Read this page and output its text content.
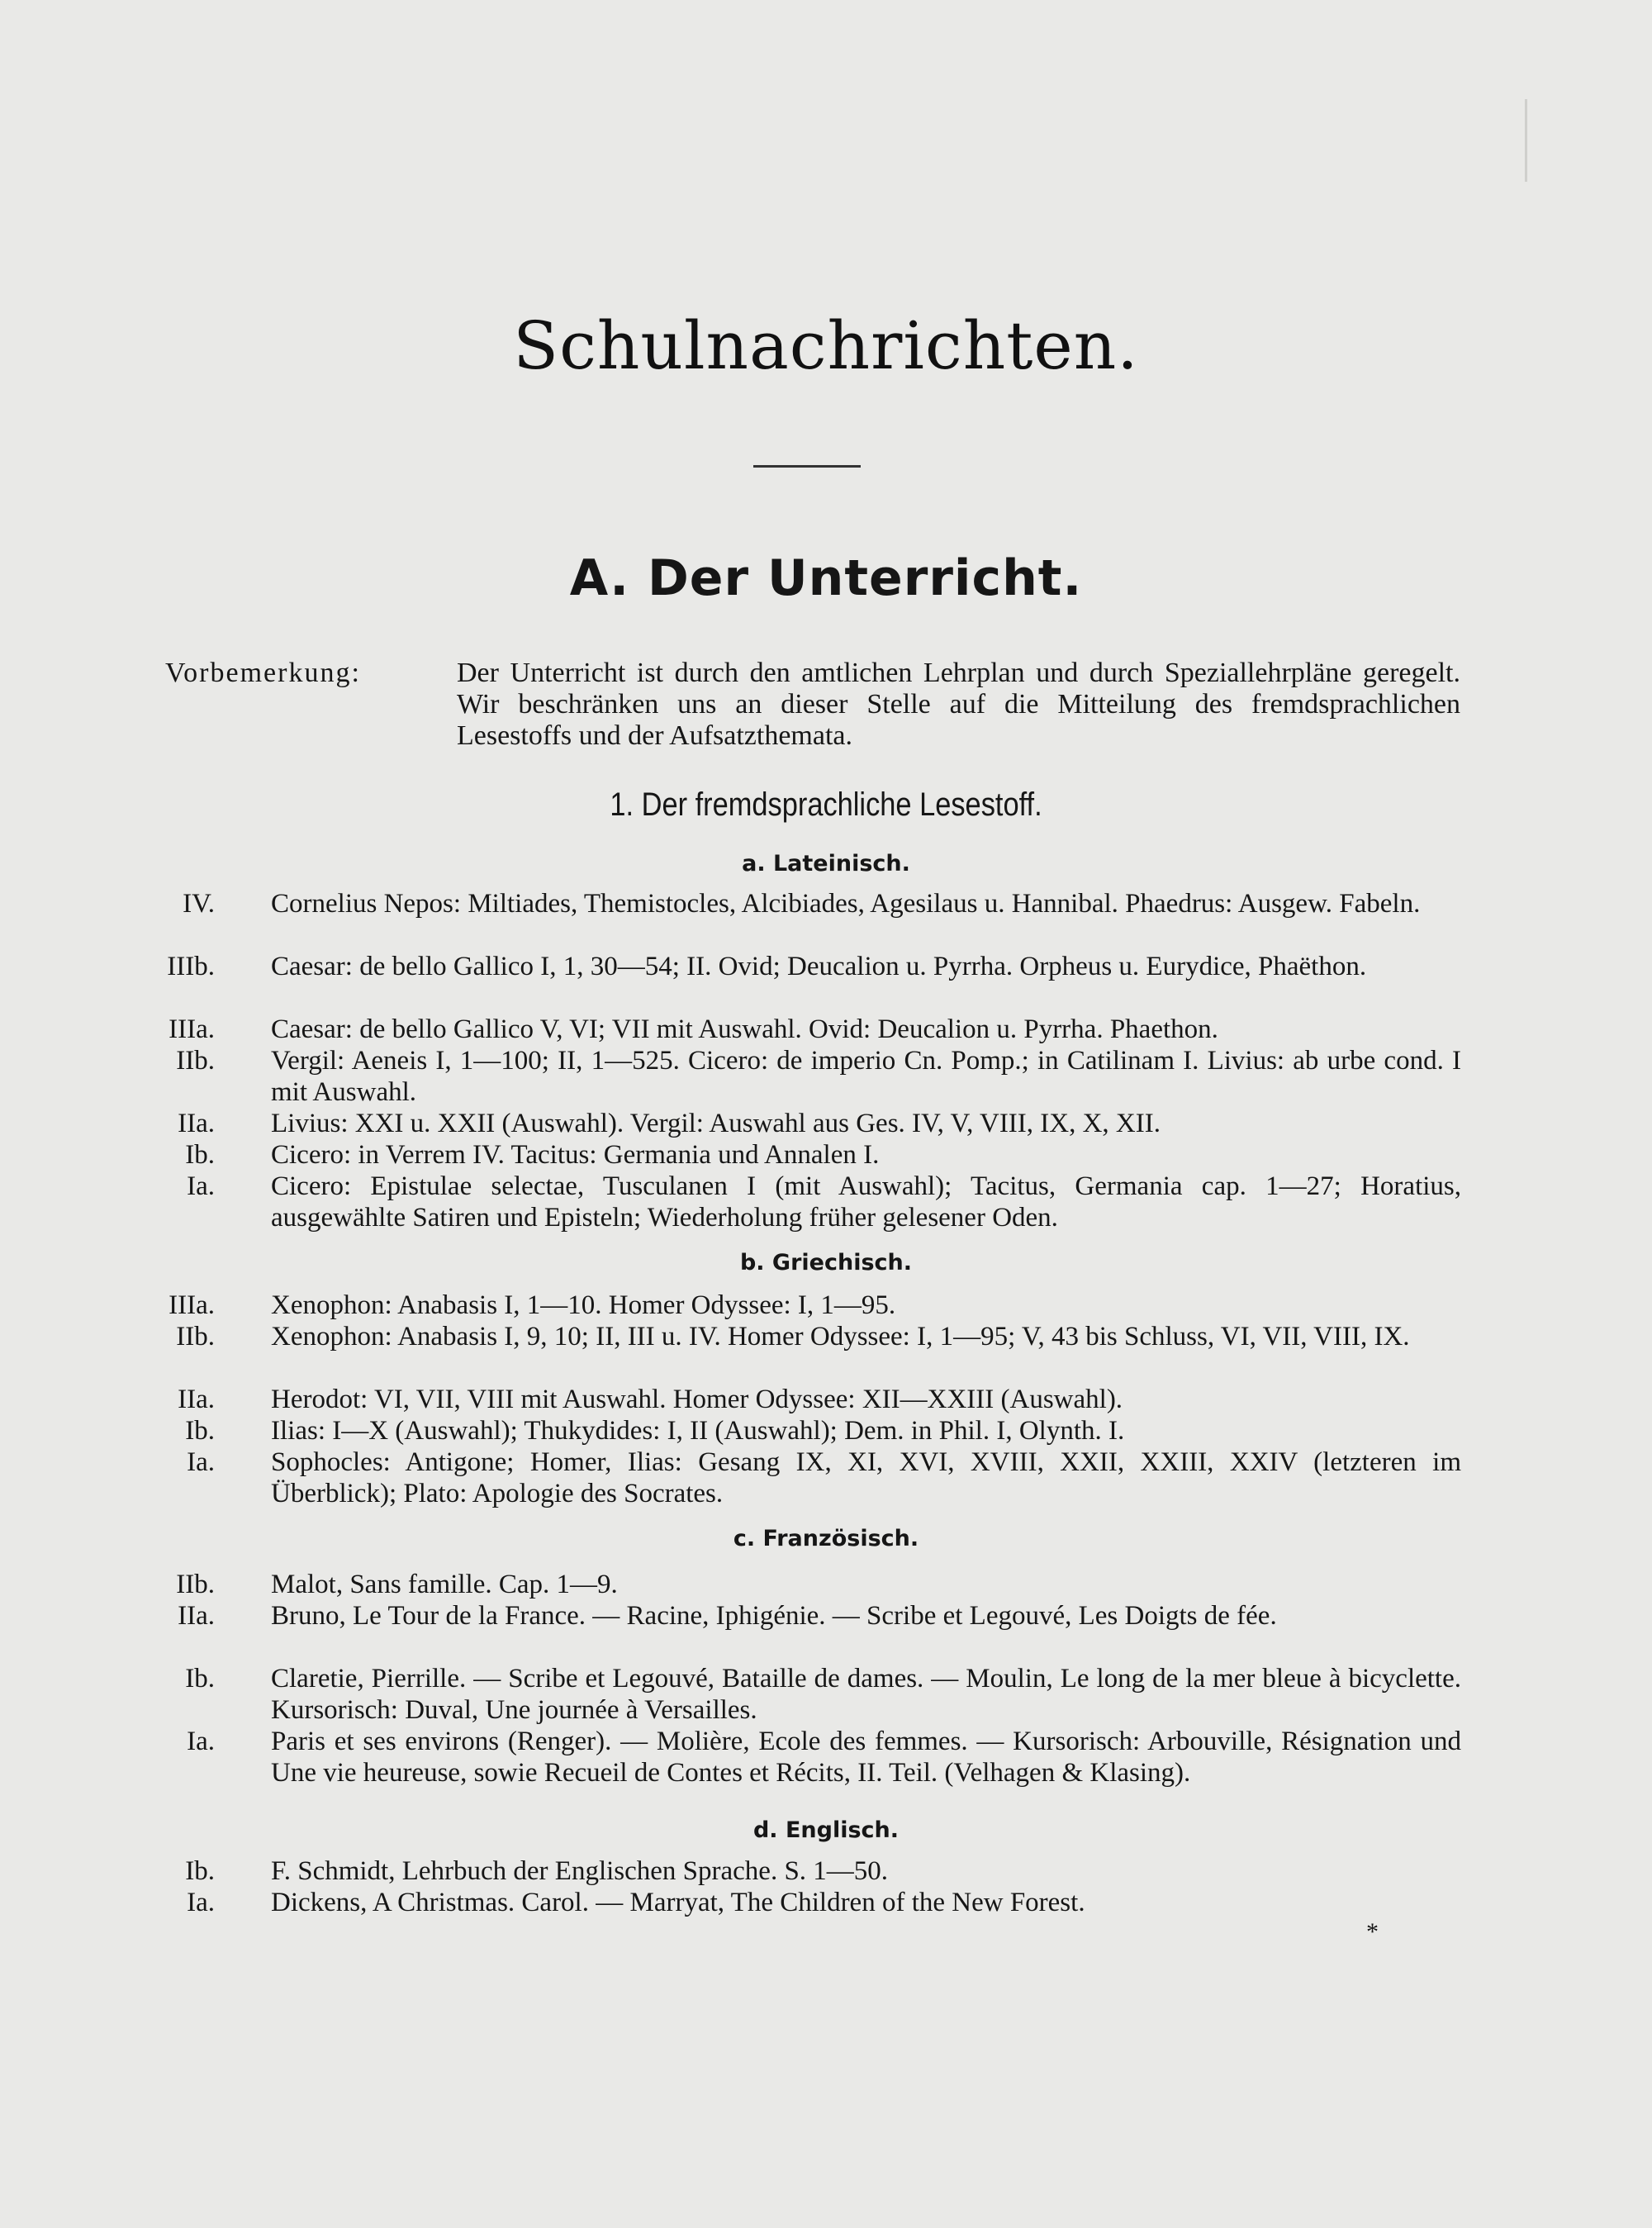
Schulnachrichten.
A. Der Unterricht.
Vorbemerkung:	Der Unterricht ist durch den amtlichen Lehrplan und durch Speziallehrpläne geregelt. Wir beschränken uns an dieser Stelle auf die Mitteilung des fremdsprachlichen Lesestoffs und der Aufsatzthemata.
1. Der fremdsprachliche Lesestoff.
a. Lateinisch.
IV. Cornelius Nepos: Miltiades, Themistocles, Alcibiades, Agesilaus u. Hannibal. Phaedrus: Ausgew. Fabeln.
IIIb. Caesar: de bello Gallico I, 1, 30—54; II. Ovid; Deucalion u. Pyrrha. Orpheus u. Eurydice, Phaëthon.
IIIa. Caesar: de bello Gallico V, VI; VII mit Auswahl. Ovid: Deucalion u. Pyrrha. Phaethon.
IIb. Vergil: Aeneis I, 1—100; II, 1—525. Cicero: de imperio Cn. Pomp.; in Catilinam I. Livius: ab urbe cond. I mit Auswahl.
IIa. Livius: XXI u. XXII (Auswahl). Vergil: Auswahl aus Ges. IV, V, VIII, IX, X, XII.
Ib. Cicero: in Verrem IV. Tacitus: Germania und Annalen I.
Ia. Cicero: Epistulae selectae, Tusculanen I (mit Auswahl); Tacitus, Germania cap. 1—27; Horatius, ausgewählte Satiren und Episteln; Wiederholung früher gelesener Oden.
b. Griechisch.
IIIa. Xenophon: Anabasis I, 1—10. Homer Odyssee: I, 1—95.
IIb. Xenophon: Anabasis I, 9, 10; II, III u. IV. Homer Odyssee: I, 1—95; V, 43 bis Schluss, VI, VII, VIII, IX.
IIa. Herodot: VI, VII, VIII mit Auswahl. Homer Odyssee: XII—XXIII (Auswahl).
Ib. Ilias: I—X (Auswahl); Thukydides: I, II (Auswahl); Dem. in Phil. I, Olynth. I.
Ia. Sophocles: Antigone; Homer, Ilias: Gesang IX, XI, XVI, XVIII, XXII, XXIII, XXIV (letzteren im Überblick); Plato: Apologie des Socrates.
c. Französisch.
IIb. Malot, Sans famille. Cap. 1—9.
IIa. Bruno, Le Tour de la France. — Racine, Iphigénie. — Scribe et Legouvé, Les Doigts de fée.
Ib. Claretie, Pierrille. — Scribe et Legouvé, Bataille de dames. — Moulin, Le long de la mer bleue à bicyclette. Kursorisch: Duval, Une journée à Versailles.
Ia. Paris et ses environs (Renger). — Molière, Ecole des femmes. — Kursorisch: Arbouville, Résignation und Une vie heureuse, sowie Recueil de Contes et Récits, II. Teil. (Velhagen & Klasing).
d. Englisch.
Ib. F. Schmidt, Lehrbuch der Englischen Sprache. S. 1—50.
Ia. Dickens, A Christmas. Carol. — Marryat, The Children of the New Forest.
*
